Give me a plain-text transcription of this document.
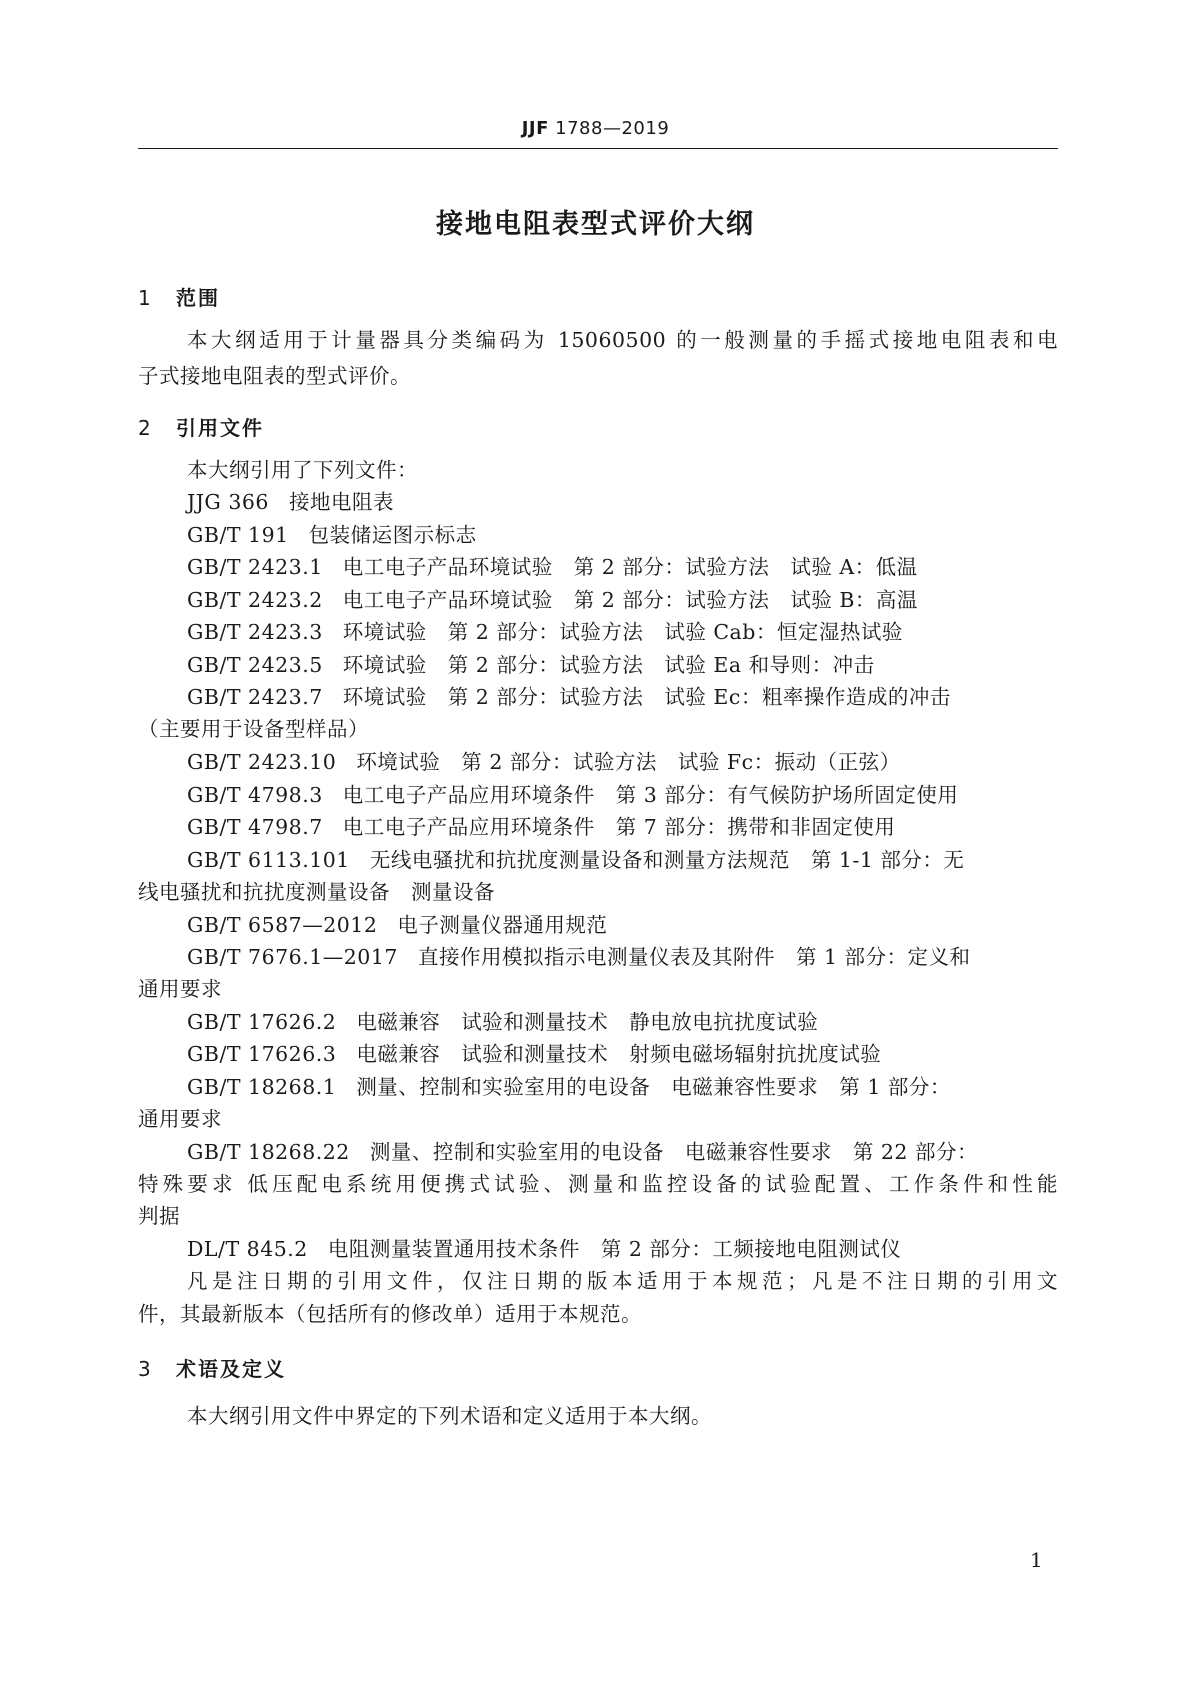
JJF 1788—2019
接地电阻表型式评价大纲
1 范围
本大纲适用于计量器具分类编码为 15060500 的一般测量的手摇式接地电阻表和电
子式接地电阻表的型式评价。
2 引用文件
本大纲引用了下列文件：
JJG 366 接地电阻表
GB/T 191 包装储运图示标志
GB/T 2423.1 电工电子产品环境试验　第 2 部分：试验方法　试验 A：低温
GB/T 2423.2 电工电子产品环境试验　第 2 部分：试验方法　试验 B：高温
GB/T 2423.3 环境试验　第 2 部分：试验方法　试验 Cab：恒定湿热试验
GB/T 2423.5 环境试验　第 2 部分：试验方法　试验 Ea 和导则：冲击
GB/T 2423.7 环境试验　第 2 部分：试验方法　试验 Ec：粗率操作造成的冲击
（主要用于设备型样品）
GB/T 2423.10 环境试验　第 2 部分：试验方法　试验 Fc：振动（正弦）
GB/T 4798.3 电工电子产品应用环境条件　第 3 部分：有气候防护场所固定使用
GB/T 4798.7 电工电子产品应用环境条件　第 7 部分：携带和非固定使用
GB/T 6113.101 无线电骚扰和抗扰度测量设备和测量方法规范　第 1-1 部分：无
线电骚扰和抗扰度测量设备　测量设备
GB/T 6587—2012 电子测量仪器通用规范
GB/T 7676.1—2017 直接作用模拟指示电测量仪表及其附件　第 1 部分：定义和
通用要求
GB/T 17626.2 电磁兼容　试验和测量技术　静电放电抗扰度试验
GB/T 17626.3 电磁兼容　试验和测量技术　射频电磁场辐射抗扰度试验
GB/T 18268.1 测量、控制和实验室用的电设备　电磁兼容性要求　第 1 部分：
通用要求
GB/T 18268.22 测量、控制和实验室用的电设备　电磁兼容性要求　第 22 部分：
特殊要求 低压配电系统用便携式试验、测量和监控设备的试验配置、工作条件和性能
判据
DL/T 845.2 电阻测量装置通用技术条件　第 2 部分：工频接地电阻测试仪
凡是注日期的引用文件，仅注日期的版本适用于本规范；凡是不注日期的引用文
件，其最新版本（包括所有的修改单）适用于本规范。
3 术语及定义
本大纲引用文件中界定的下列术语和定义适用于本大纲。
1
